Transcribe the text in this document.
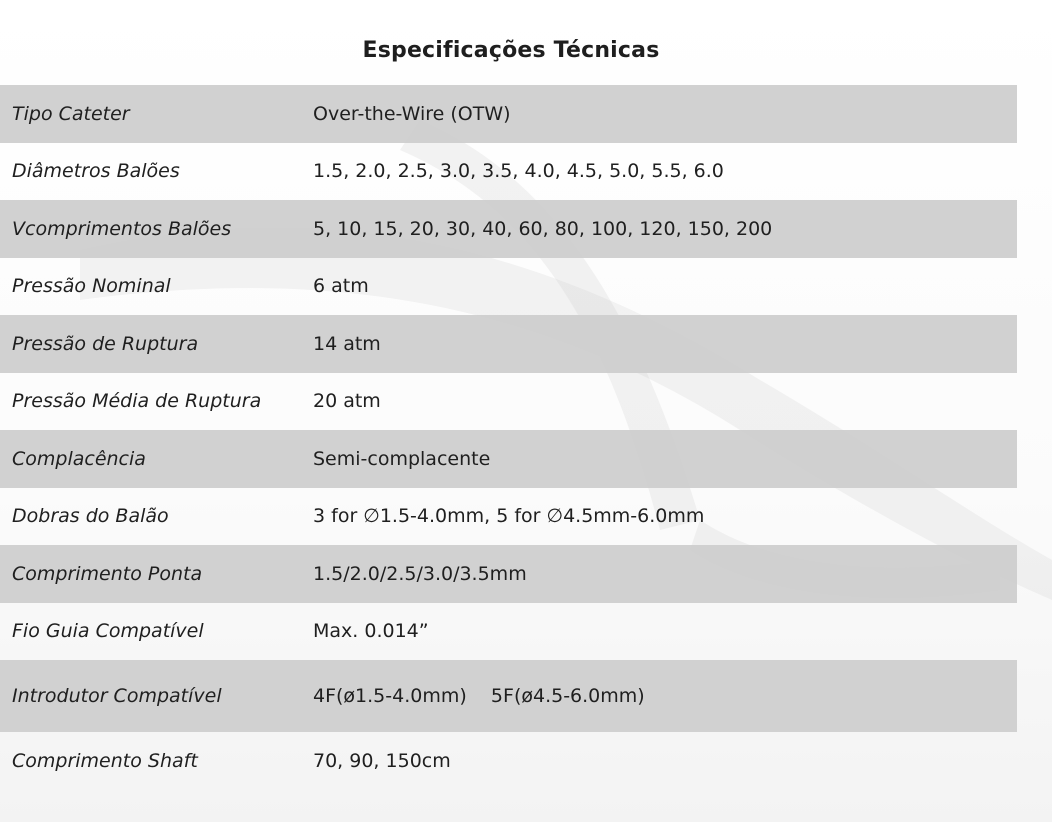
Especificações Técnicas
Tipo Cateter	Over-the-Wire (OTW)
Diâmetros Balões	1.5, 2.0, 2.5, 3.0, 3.5, 4.0, 4.5, 5.0, 5.5, 6.0
Vcomprimentos Balões	5, 10, 15, 20, 30, 40, 60, 80, 100, 120, 150, 200
Pressão Nominal	6 atm
Pressão de Ruptura	14 atm
Pressão Média de Ruptura	20 atm
Complacência	Semi-complacente
Dobras do Balão	3 for ∅1.5-4.0mm, 5 for ∅4.5mm-6.0mm
Comprimento Ponta	1.5/2.0/2.5/3.0/3.5mm
Fio Guia Compatível	Max. 0.014”
Introdutor Compatível	4F(ø1.5-4.0mm)    5F(ø4.5-6.0mm)
Comprimento Shaft	70, 90, 150cm
